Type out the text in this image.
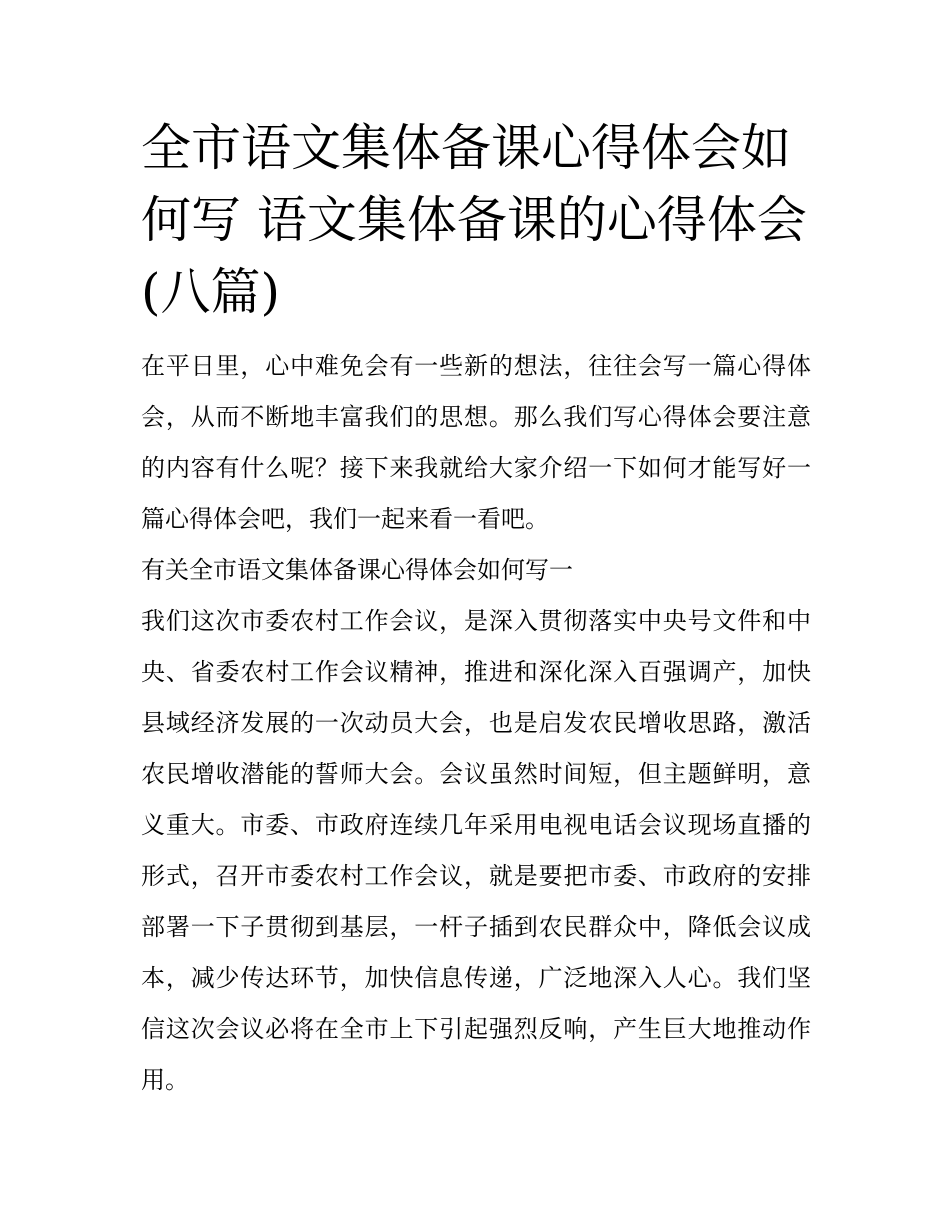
全市语文集体备课心得体会如何写 语文集体备课的心得体会(八篇)

在平日里，心中难免会有一些新的想法，往往会写一篇心得体会，从而不断地丰富我们的思想。那么我们写心得体会要注意的内容有什么呢？接下来我就给大家介绍一下如何才能写好一篇心得体会吧，我们一起来看一看吧。

有关全市语文集体备课心得体会如何写一

我们这次市委农村工作会议，是深入贯彻落实中央号文件和中央、省委农村工作会议精神，推进和深化深入百强调产，加快县域经济发展的一次动员大会，也是启发农民增收思路，激活农民增收潜能的誓师大会。会议虽然时间短，但主题鲜明，意义重大。市委、市政府连续几年采用电视电话会议现场直播的形式，召开市委农村工作会议，就是要把市委、市政府的安排部署一下子贯彻到基层，一杆子插到农民群众中，降低会议成本，减少传达环节，加快信息传递，广泛地深入人心。我们坚信这次会议必将在全市上下引起强烈反响，产生巨大地推动作用。
